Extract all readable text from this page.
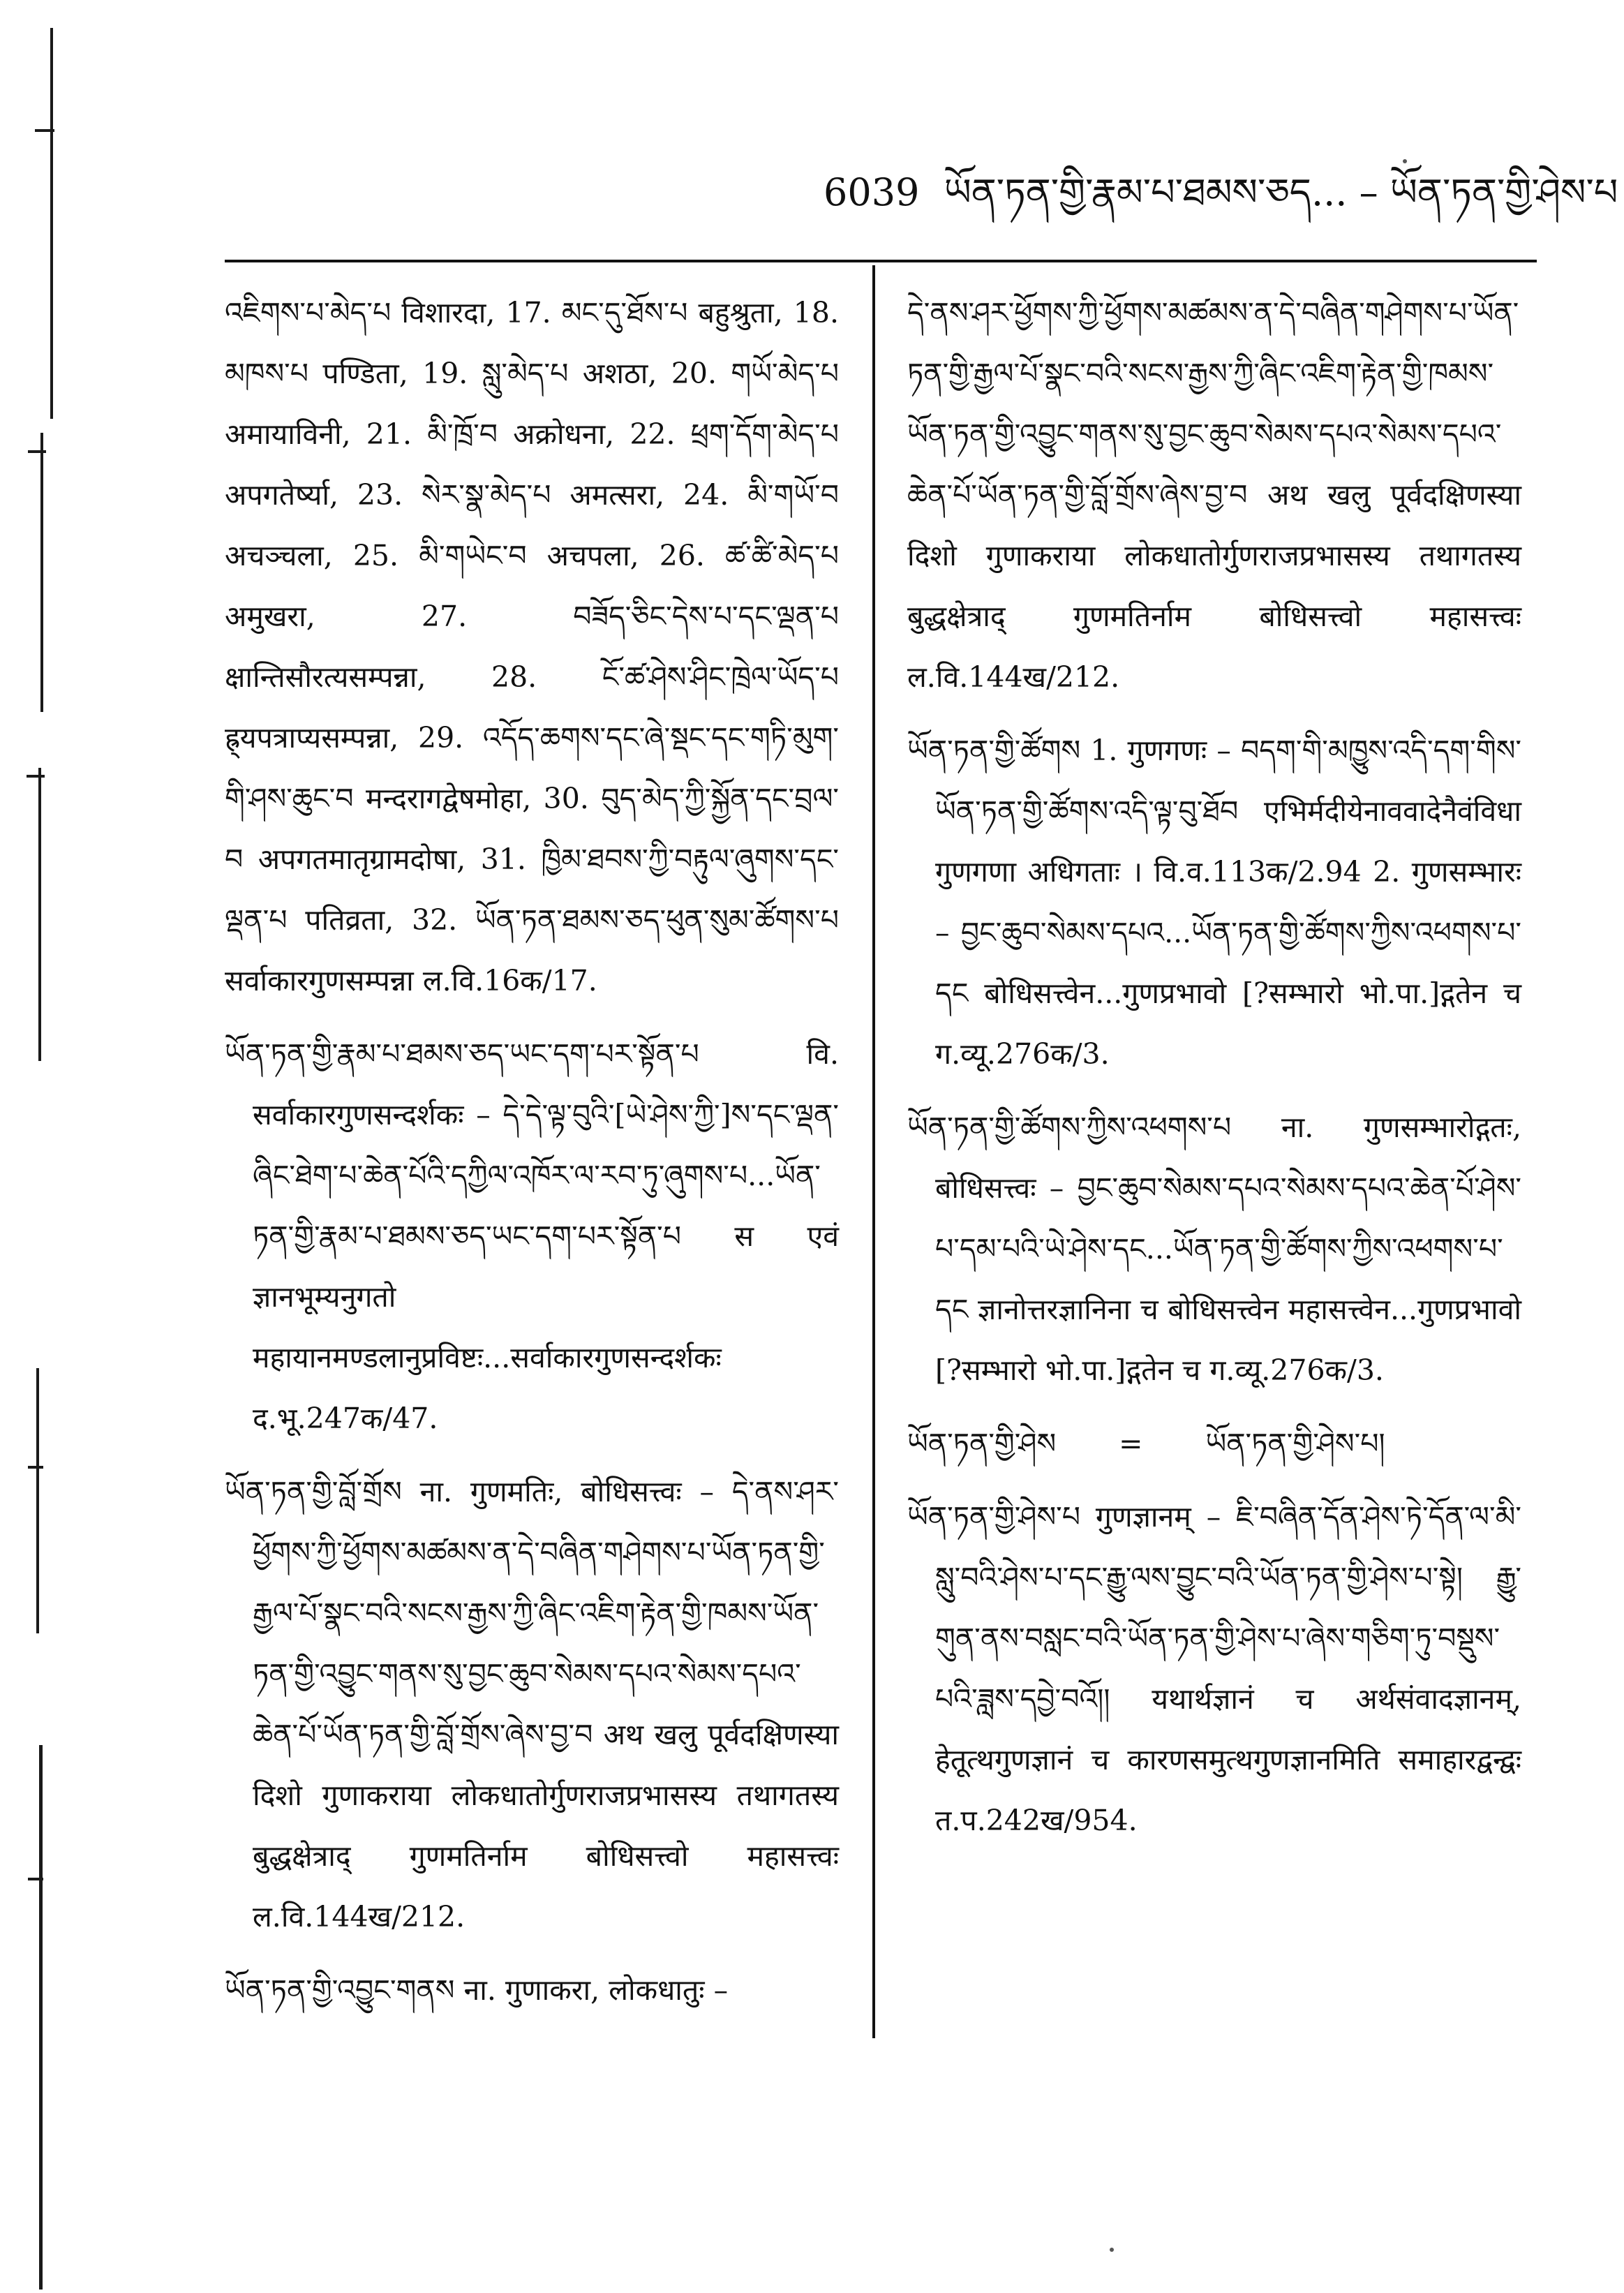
6039 ཡོན་ཏན་གྱི་རྣམ་པ་ཐམས་ཅད... – ཡོན་ཏན་གྱི་ཤེས་པ

འཇིགས་པ་མེད་པ विशारदा, 17. མང་དུ་ཐོས་པ बहुश्रुता, 18. མཁས་པ पण्डिता, 19. སླུ་མེད་པ अशठा, 20. གཡོ་མེད་པ अमायाविनी, 21. མི་ཁྲོ་བ अक्रोधना, 22. ཕྲག་དོག་མེད་པ अपगतेर्ष्या, 23. སེར་སྣ་མེད་པ अमत्सरा, 24. མི་གཡོ་བ अचञ्चला, 25. མི་གཡེང་བ अचपला, 26. ཚ་ཚི་མེད་པ अमुखरा, 27. བཟོད་ཅིང་དེས་པ་དང་ལྡན་པ क्षान्तिसौरत्यसम्पन्ना, 28. ངོ་ཚ་ཤེས་ཤིང་ཁྲེལ་ཡོད་པ ह्र्यपत्राप्यसम्पन्ना, 29. འདོད་ཆགས་དང་ཞེ་སྡང་དང་གཏི་མུག་གི་ཤས་ཆུང་བ मन्दरागद्वेषमोहा, 30. བུད་མེད་ཀྱི་སྐྱོན་དང་བྲལ་བ अपगतमातृग्रामदोषा, 31. ཁྱིམ་ཐབས་ཀྱི་བརྟུལ་ཞུགས་དང་ལྡན་པ पतिव्रता, 32. ཡོན་ཏན་ཐམས་ཅད་ཕུན་སུམ་ཚོགས་པ सर्वाकारगुणसम्पन्ना ल.वि.16क/17.

ཡོན་ཏན་གྱི་རྣམ་པ་ཐམས་ཅད་ཡང་དག་པར་སྟོན་པ वि. सर्वाकारगुणसन्दर्शकः – དེ་དེ་ལྟ་བུའི་[ཡེ་ཤེས་ཀྱི་]ས་དང་ལྡན་ཞིང་ཐེག་པ་ཆེན་པོའི་དཀྱིལ་འཁོར་ལ་རབ་ཏུ་ཞུགས་པ...ཡོན་ཏན་གྱི་རྣམ་པ་ཐམས་ཅད་ཡང་དག་པར་སྟོན་པ स एवं ज्ञानभूम्यनुगतो महायानमण्डलानुप्रविष्टः...सर्वाकारगुणसन्दर्शकः द.भू.247क/47.

ཡོན་ཏན་གྱི་བློ་གྲོས ना. गुणमतिः, बोधिसत्त्वः – དེ་ནས་ཤར་ཕྱོགས་ཀྱི་ཕྱོགས་མཚམས་ན་དེ་བཞིན་གཤེགས་པ་ཡོན་ཏན་གྱི་རྒྱལ་པོ་སྣང་བའི་སངས་རྒྱས་ཀྱི་ཞིང་འཇིག་རྟེན་གྱི་ཁམས་ཡོན་ཏན་གྱི་འབྱུང་གནས་སུ་བྱང་ཆུབ་སེམས་དཔའ་སེམས་དཔའ་ཆེན་པོ་ཡོན་ཏན་གྱི་བློ་གྲོས་ཞེས་བྱ་བ अथ खलु पूर्वदक्षिणस्या दिशो गुणाकराया लोकधातोर्गुणराजप्रभासस्य तथागतस्य बुद्धक्षेत्राद् गुणमतिर्नाम बोधिसत्त्वो महासत्त्वः ल.वि.144ख/212.

ཡོན་ཏན་གྱི་འབྱུང་གནས ना. गुणाकरा, लोकधातुः –

དེ་ནས་ཤར་ཕྱོགས་ཀྱི་ཕྱོགས་མཚམས་ན་དེ་བཞིན་གཤེགས་པ་ཡོན་ཏན་གྱི་རྒྱལ་པོ་སྣང་བའི་སངས་རྒྱས་ཀྱི་ཞིང་འཇིག་རྟེན་གྱི་ཁམས་ཡོན་ཏན་གྱི་འབྱུང་གནས་སུ་བྱང་ཆུབ་སེམས་དཔའ་སེམས་དཔའ་ཆེན་པོ་ཡོན་ཏན་གྱི་བློ་གྲོས་ཞེས་བྱ་བ अथ खलु पूर्वदक्षिणस्या दिशो गुणाकराया लोकधातोर्गुणराजप्रभासस्य तथागतस्य बुद्धक्षेत्राद् गुणमतिर्नाम बोधिसत्त्वो महासत्त्वः ल.वि.144ख/212.

ཡོན་ཏན་གྱི་ཚོགས 1. गुणगणः – བདག་གི་མཁྱུས་འདི་དག་གིས་ཡོན་ཏན་གྱི་ཚོགས་འདི་ལྟ་བུ་ཐོབ एभिर्मदीयेनाववादेनैवंविधा गुणगणा अधिगताः । वि.व.113क/2.94 2. गुणसम्भारः – བྱང་ཆུབ་སེམས་དཔའ...ཡོན་ཏན་གྱི་ཚོགས་ཀྱིས་འཕགས་པ་དང बोधिसत्त्वेन...गुणप्रभावो [?सम्भारो भो.पा.]द्गतेन च ग.व्यू.276क/3.

ཡོན་ཏན་གྱི་ཚོགས་ཀྱིས་འཕགས་པ ना. गुणसम्भारोद्गतः, बोधिसत्त्वः – བྱང་ཆུབ་སེམས་དཔའ་སེམས་དཔའ་ཆེན་པོ་ཤེས་པ་དམ་པའི་ཡེ་ཤེས་དང...ཡོན་ཏན་གྱི་ཚོགས་ཀྱིས་འཕགས་པ་དང ज्ञानोत्तरज्ञानिना च बोधिसत्त्वेन महासत्त्वेन...गुणप्रभावो [?सम्भारो भो.पा.]द्गतेन च ग.व्यू.276क/3.

ཡོན་ཏན་གྱི་ཤེས = ཡོན་ཏན་གྱི་ཤེས་པ།

ཡོན་ཏན་གྱི་ཤེས་པ गुणज्ञानम् – ཇི་བཞིན་དོན་ཤེས་ཏེ་དོན་ལ་མི་སླུ་བའི་ཤེས་པ་དང་རྒྱུ་ལས་བྱུང་བའི་ཡོན་ཏན་གྱི་ཤེས་པ་སྟེ། རྒྱུ་གུན་ནས་བསླང་བའི་ཡོན་ཏན་གྱི་ཤེས་པ་ཞེས་གཅིག་ཏུ་བསྡུས་པའི་ཟླས་དབྱེ་བའོ།། यथार्थज्ञानं च अर्थसंवादज्ञानम्, हेतूत्थगुणज्ञानं च कारणसमुत्थगुणज्ञानमिति समाहारद्वन्द्वः त.प.242ख/954.
